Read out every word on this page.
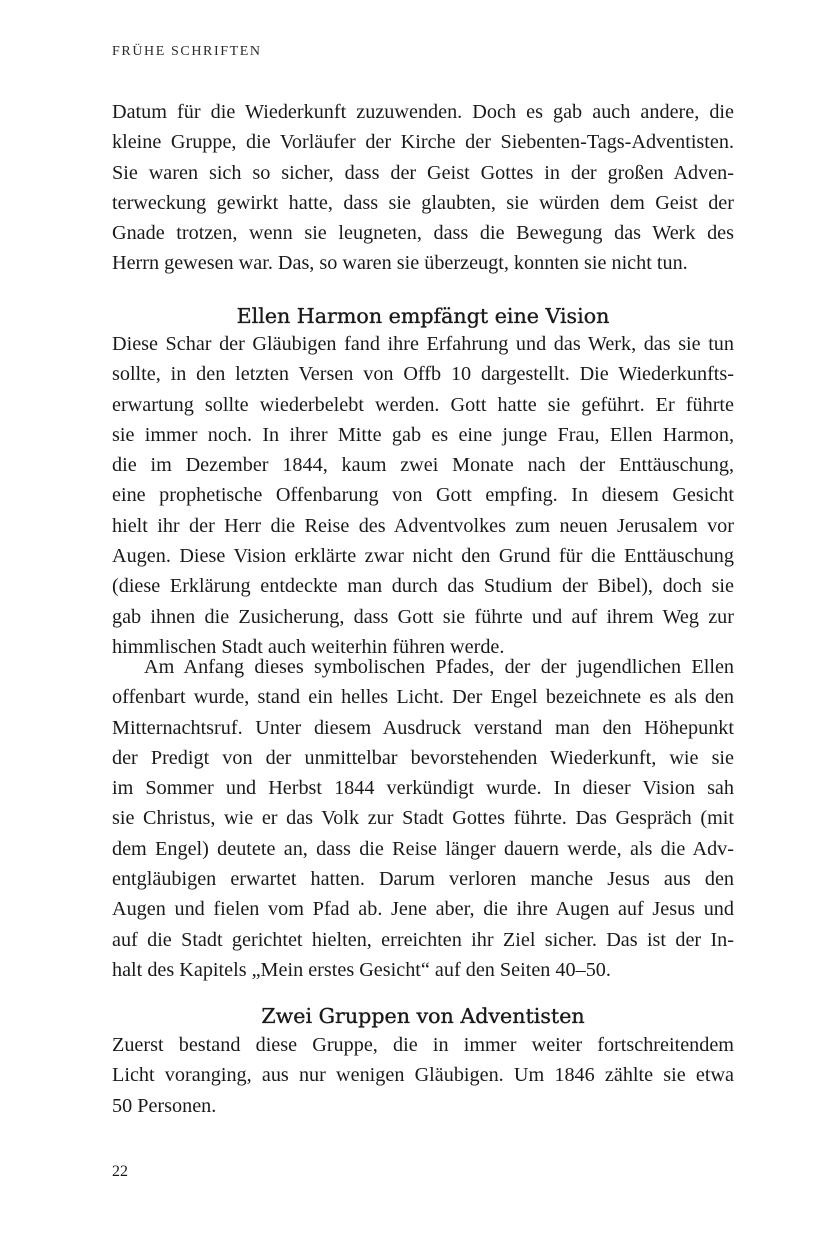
FRÜHE SCHRIFTEN
Datum für die Wiederkunft zuzuwenden. Doch es gab auch andere, die
kleine Gruppe, die Vorläufer der Kirche der Siebenten-Tags-Adventisten.
Sie waren sich so sicher, dass der Geist Gottes in der großen Adven-
terweckung gewirkt hatte, dass sie glaubten, sie würden dem Geist der
Gnade trotzen, wenn sie leugneten, dass die Bewegung das Werk des
Herrn gewesen war. Das, so waren sie überzeugt, konnten sie nicht tun.
Ellen Harmon empfängt eine Vision
Diese Schar der Gläubigen fand ihre Erfahrung und das Werk, das sie tun
sollte, in den letzten Versen von Offb 10 dargestellt. Die Wiederkunfts-
erwartung sollte wiederbelebt werden. Gott hatte sie geführt. Er führte
sie immer noch. In ihrer Mitte gab es eine junge Frau, Ellen Harmon,
die im Dezember 1844, kaum zwei Monate nach der Enttäuschung,
eine prophetische Offenbarung von Gott empfing. In diesem Gesicht
hielt ihr der Herr die Reise des Adventvolkes zum neuen Jerusalem vor
Augen. Diese Vision erklärte zwar nicht den Grund für die Enttäuschung
(diese Erklärung entdeckte man durch das Studium der Bibel), doch sie
gab ihnen die Zusicherung, dass Gott sie führte und auf ihrem Weg zur
himmlischen Stadt auch weiterhin führen werde.
Am Anfang dieses symbolischen Pfades, der der jugendlichen Ellen
offenbart wurde, stand ein helles Licht. Der Engel bezeichnete es als den
Mitternachtsruf. Unter diesem Ausdruck verstand man den Höhepunkt
der Predigt von der unmittelbar bevorstehenden Wiederkunft, wie sie
im Sommer und Herbst 1844 verkündigt wurde. In dieser Vision sah
sie Christus, wie er das Volk zur Stadt Gottes führte. Das Gespräch (mit
dem Engel) deutete an, dass die Reise länger dauern werde, als die Adv-
entgläubigen erwartet hatten. Darum verloren manche Jesus aus den
Augen und fielen vom Pfad ab. Jene aber, die ihre Augen auf Jesus und
auf die Stadt gerichtet hielten, erreichten ihr Ziel sicher. Das ist der In-
halt des Kapitels „Mein erstes Gesicht“ auf den Seiten 40–50.
Zwei Gruppen von Adventisten
Zuerst bestand diese Gruppe, die in immer weiter fortschreitendem
Licht voranging, aus nur wenigen Gläubigen. Um 1846 zählte sie etwa
50 Personen.
22
